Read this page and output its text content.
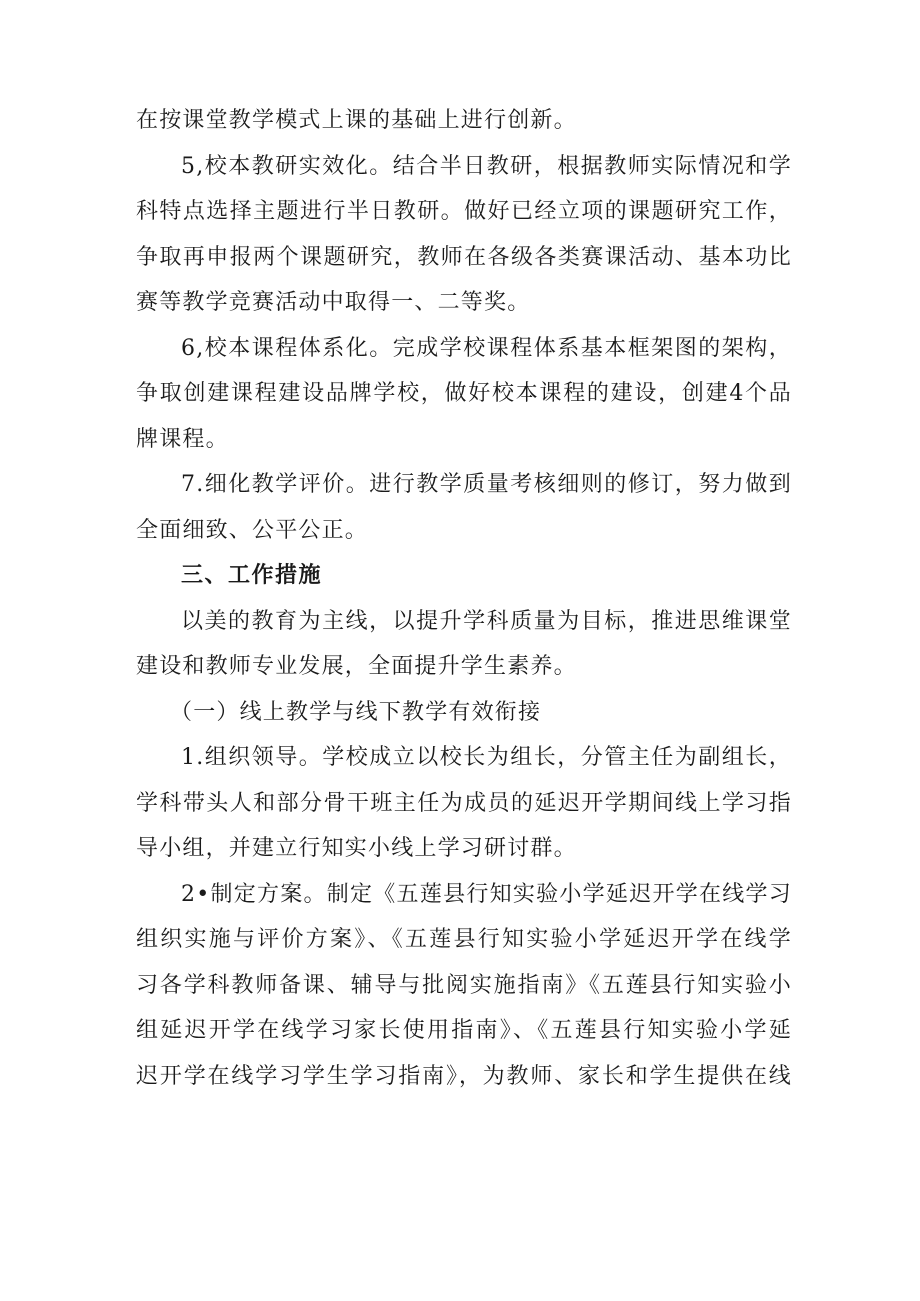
在按课堂教学模式上课的基础上进行创新。
5,校本教研实效化。结合半日教研，根据教师实际情况和学
科特点选择主题进行半日教研。做好已经立项的课题研究工作，
争取再申报两个课题研究，教师在各级各类赛课活动、基本功比
赛等教学竞赛活动中取得一、二等奖。
6,校本课程体系化。完成学校课程体系基本框架图的架构，
争取创建课程建设品牌学校，做好校本课程的建设，创建4个品
牌课程。
7.细化教学评价。进行教学质量考核细则的修订，努力做到
全面细致、公平公正。
三、工作措施
以美的教育为主线，以提升学科质量为目标，推进思维课堂
建设和教师专业发展，全面提升学生素养。
（一）线上教学与线下教学有效衔接
1.组织领导。学校成立以校长为组长，分管主任为副组长，
学科带头人和部分骨干班主任为成员的延迟开学期间线上学习指
导小组，并建立行知实小线上学习研讨群。
2•制定方案。制定《五莲县行知实验小学延迟开学在线学习
组织实施与评价方案》、《五莲县行知实验小学延迟开学在线学
习各学科教师备课、辅导与批阅实施指南》《五莲县行知实验小
组延迟开学在线学习家长使用指南》、《五莲县行知实验小学延
迟开学在线学习学生学习指南》，为教师、家长和学生提供在线
